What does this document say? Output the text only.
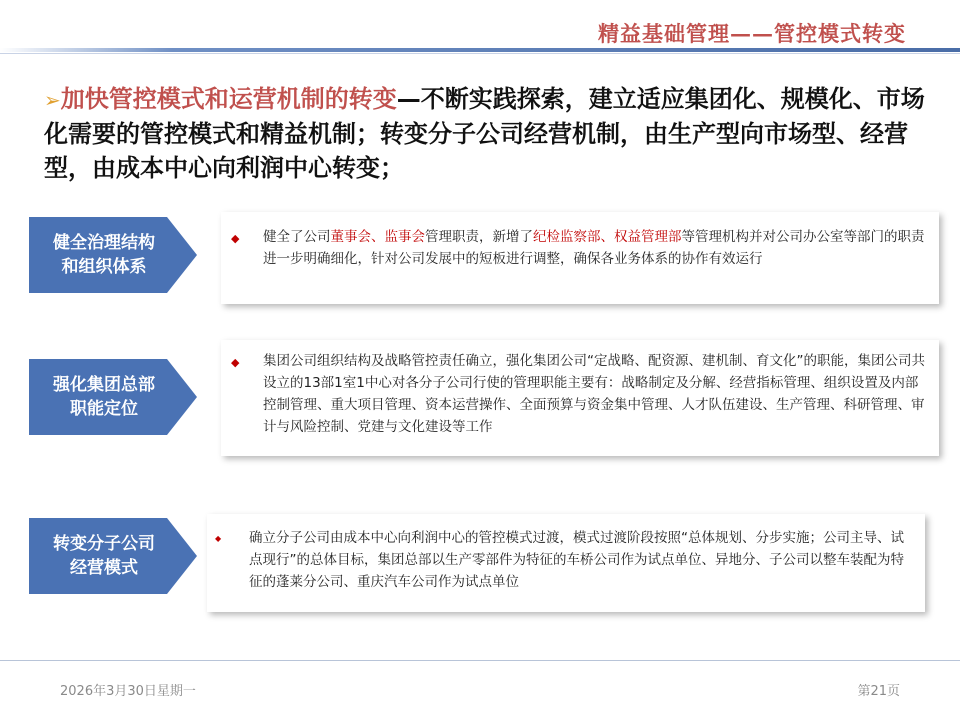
精益基础管理——管控模式转变
➢加快管控模式和运营机制的转变—不断实践探索，建立适应集团化、规模化、市场化需要的管控模式和精益机制；转变分子公司经营机制，由生产型向市场型、经营型，由成本中心向利润中心转变；
健全治理结构
和组织体系
◆ 健全了公司董事会、监事会管理职责，新增了纪检监察部、权益管理部等管理机构并对公司办公室等部门的职责进一步明确细化，针对公司发展中的短板进行调整，确保各业务体系的协作有效运行
强化集团总部
职能定位
◆ 集团公司组织结构及战略管控责任确立，强化集团公司“定战略、配资源、建机制、育文化”的职能，集团公司共设立的13部1室1中心对各分子公司行使的管理职能主要有：战略制定及分解、经营指标管理、组织设置及内部控制管理、重大项目管理、资本运营操作、全面预算与资金集中管理、人才队伍建设、生产管理、科研管理、审计与风险控制、党建与文化建设等工作
转变分子公司
经营模式
◆ 确立分子公司由成本中心向利润中心的管控模式过渡，模式过渡阶段按照“总体规划、分步实施；公司主导、试点现行”的总体目标，集团总部以生产零部件为特征的车桥公司作为试点单位、异地分、子公司以整车装配为特征的蓬莱分公司、重庆汽车公司作为试点单位
2026年3月30日星期一	第21页
